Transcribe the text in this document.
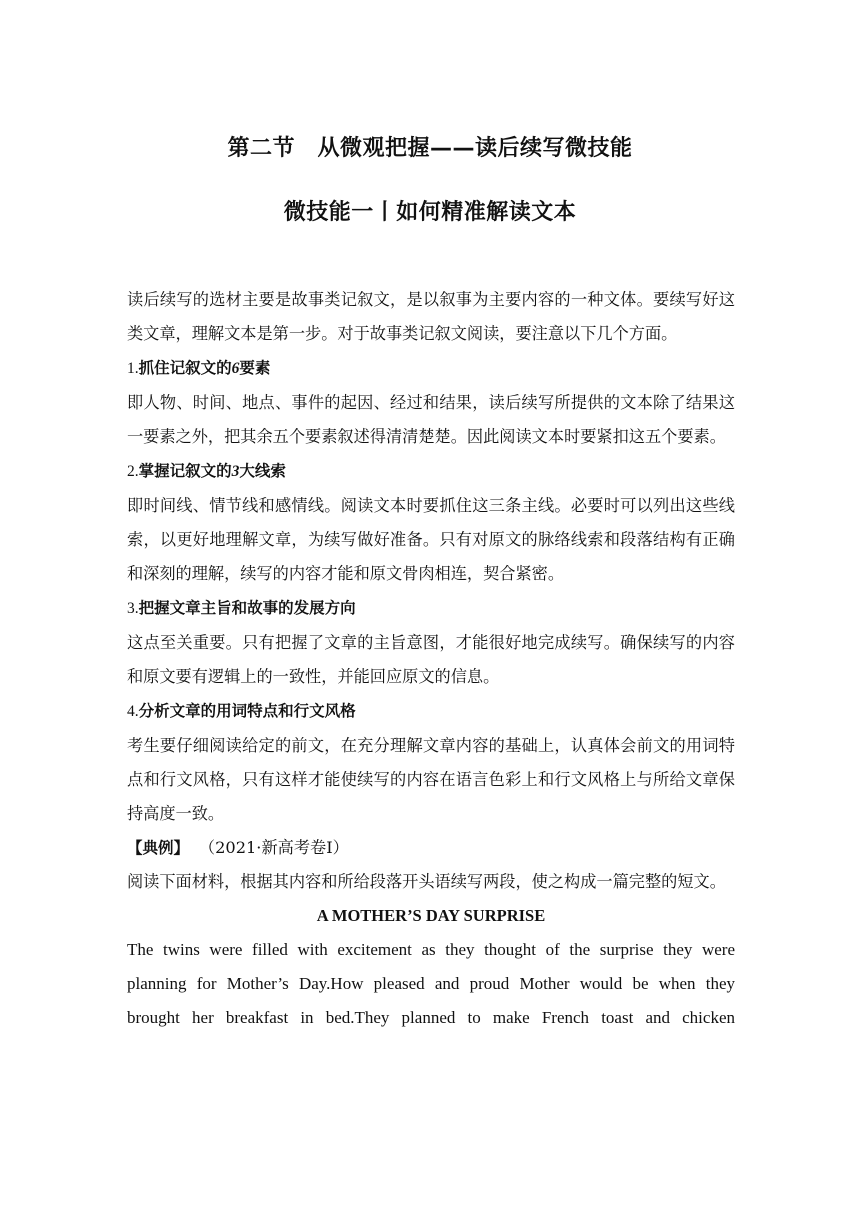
第二节　从微观把握——读后续写微技能
微技能一丨如何精准解读文本

读后续写的选材主要是故事类记叙文，是以叙事为主要内容的一种文体。要续写好这类文章，理解文本是第一步。对于故事类记叙文阅读，要注意以下几个方面。

1.抓住记叙文的6要素

即人物、时间、地点、事件的起因、经过和结果，读后续写所提供的文本除了结果这一要素之外，把其余五个要素叙述得清清楚楚。因此阅读文本时要紧扣这五个要素。

2.掌握记叙文的3大线索

即时间线、情节线和感情线。阅读文本时要抓住这三条主线。必要时可以列出这些线索，以更好地理解文章，为续写做好准备。只有对原文的脉络线索和段落结构有正确和深刻的理解，续写的内容才能和原文骨肉相连，契合紧密。

3.把握文章主旨和故事的发展方向

这点至关重要。只有把握了文章的主旨意图，才能很好地完成续写。确保续写的内容和原文要有逻辑上的一致性，并能回应原文的信息。

4.分析文章的用词特点和行文风格

考生要仔细阅读给定的前文，在充分理解文章内容的基础上，认真体会前文的用词特点和行文风格，只有这样才能使续写的内容在语言色彩上和行文风格上与所给文章保持高度一致。

【典例】 （2021·新高考卷Ⅰ）

阅读下面材料，根据其内容和所给段落开头语续写两段，使之构成一篇完整的短文。

A MOTHER’S DAY SURPRISE

The twins were filled with excitement as they thought of the surprise they were

planning for Mother’s Day.How pleased and proud Mother would be when they

brought her breakfast in bed.They planned to make French toast and chicken
